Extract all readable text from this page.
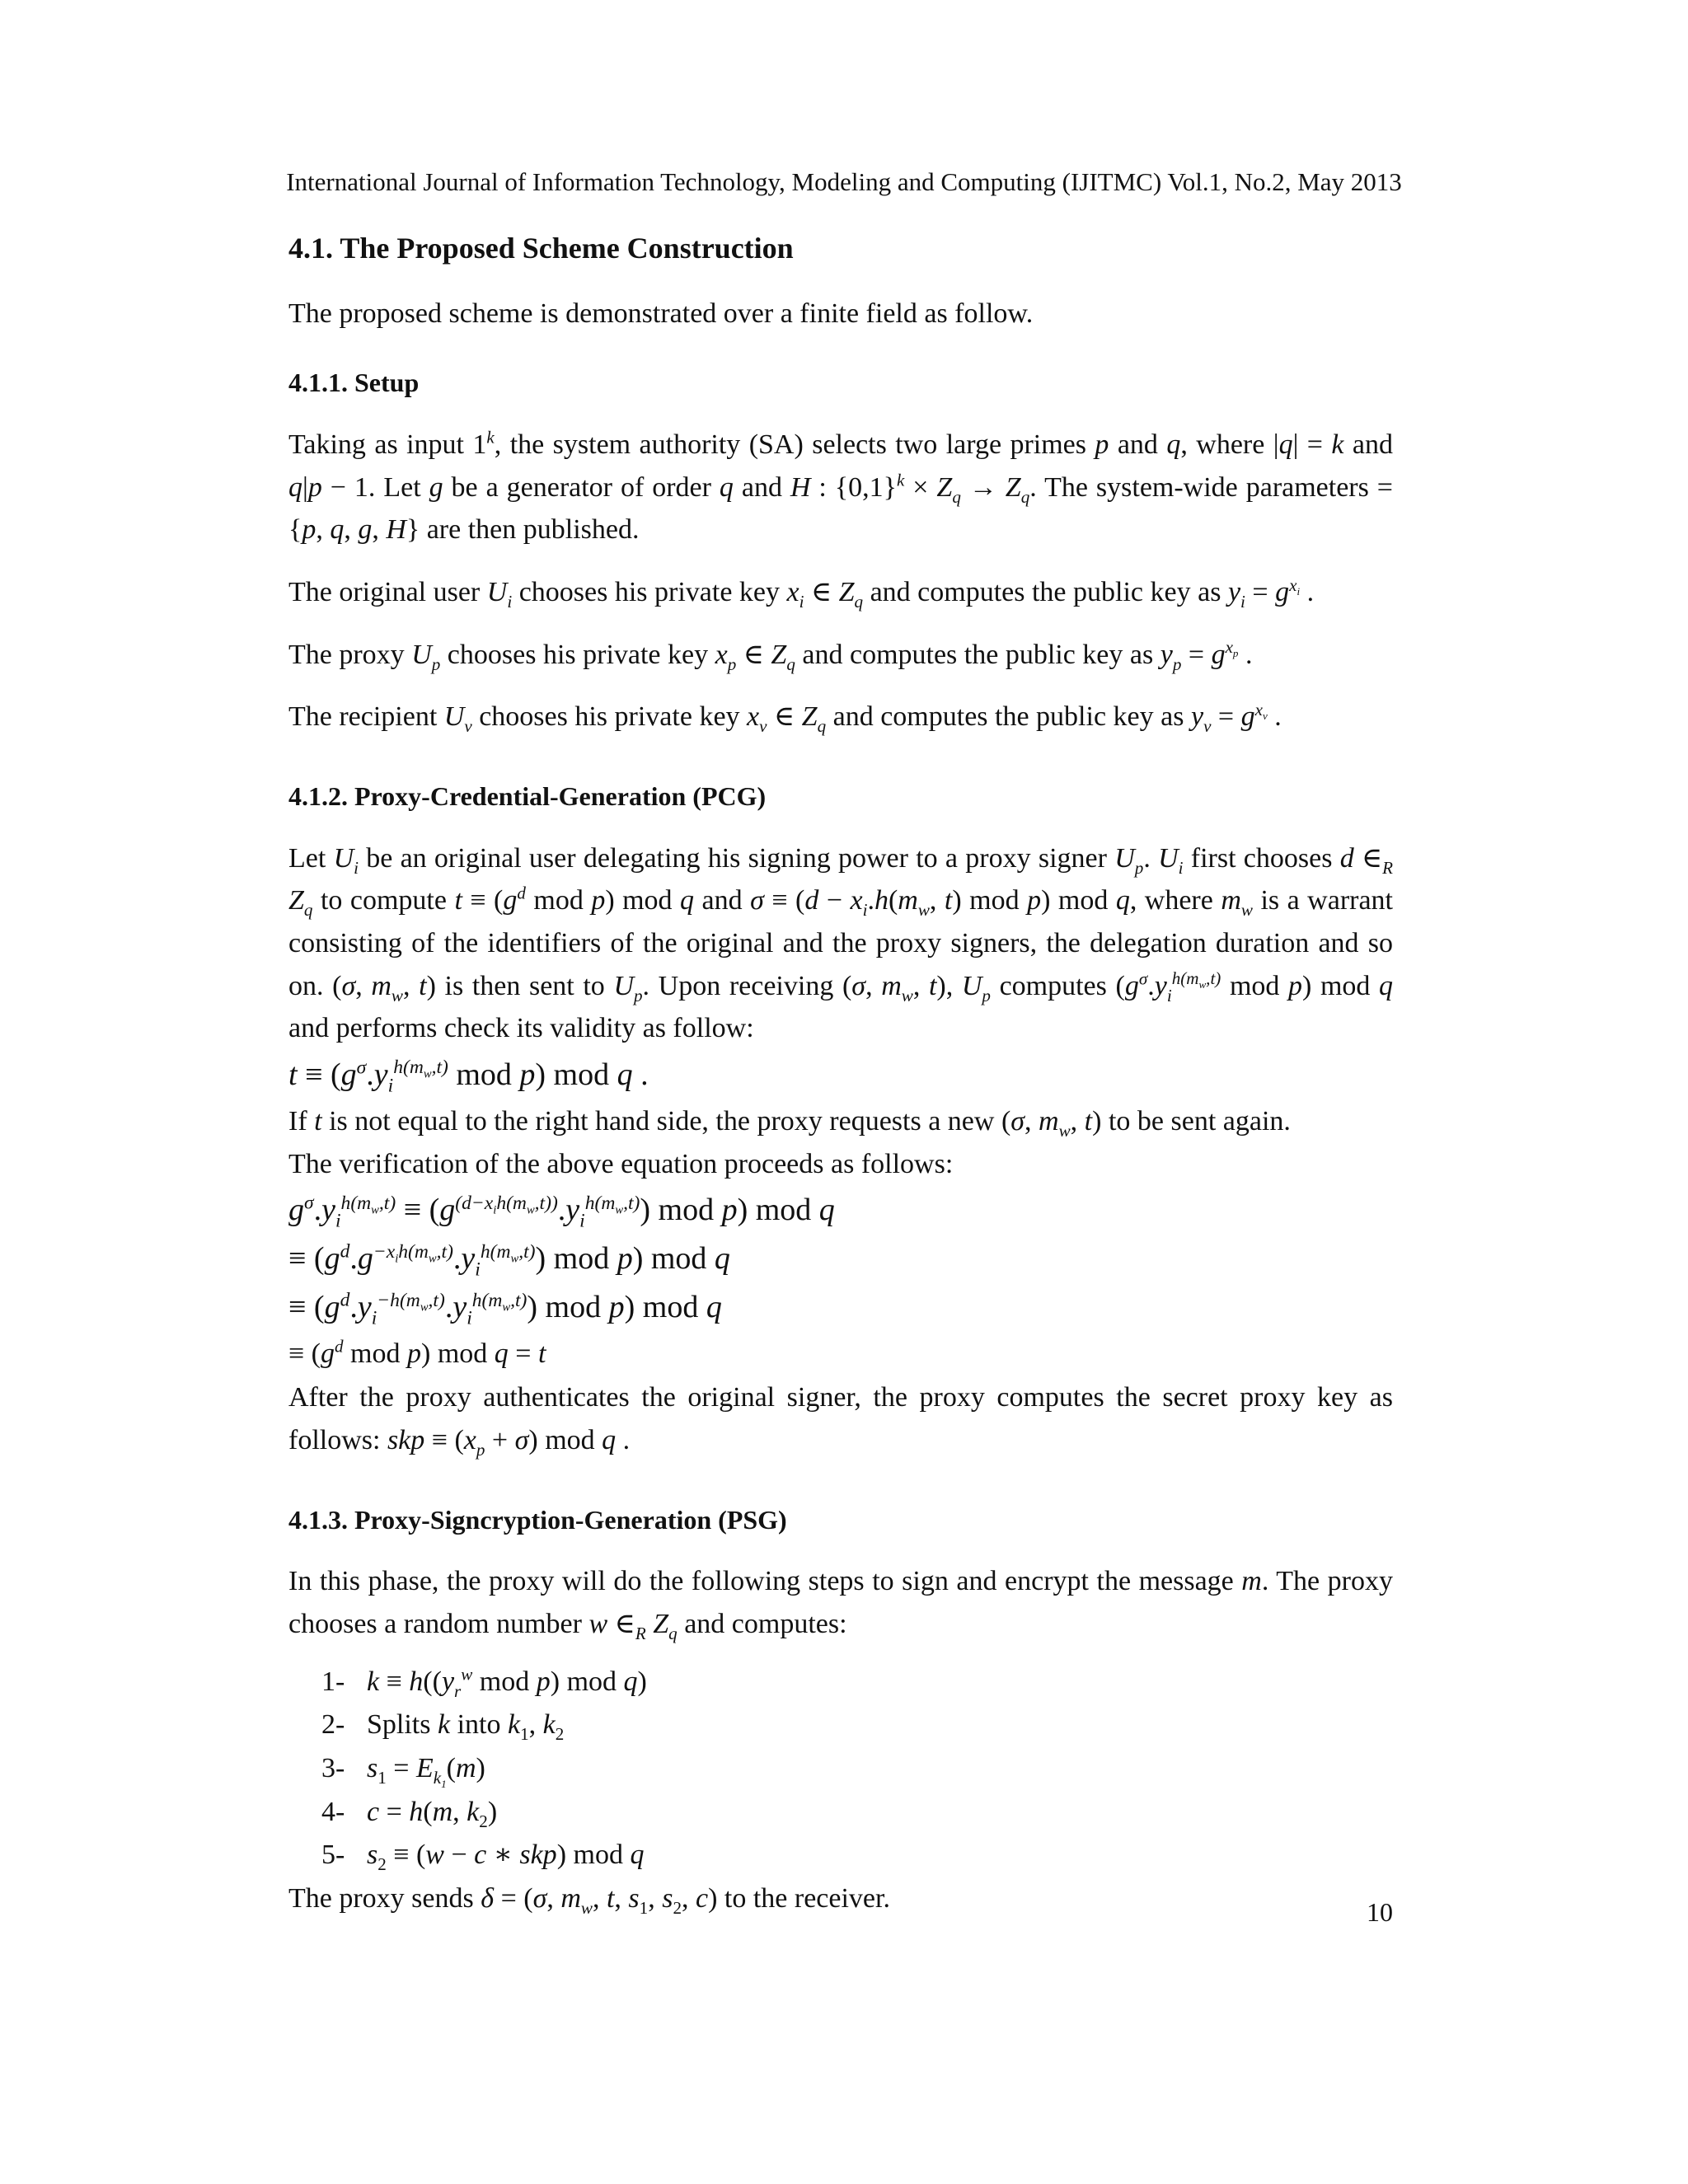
International Journal of Information Technology, Modeling and Computing (IJITMC) Vol.1, No.2, May 2013
4.1. The Proposed Scheme Construction

The proposed scheme is demonstrated over a finite field as follow.

4.1.1. Setup

Taking as input 1$^k$, the system authority (SA) selects two large primes p and q, where |q| = k and q|p − 1. Let g be a generator of order q and H : $\{0,1\}^k \times Z_q \to Z_q$. The system-wide parameters = {p, q, g, H} are then published.

The original user $U_i$ chooses his private key $x_i$ ∈ $Z_q$ and computes the public key as $y_i = g^{x_i}$ .

The proxy $U_p$ chooses his private key $x_p$ ∈ $Z_q$ and computes the public key as $y_p = g^{x_p}$ .

The recipient $U_v$ chooses his private key $x_v$ ∈ $Z_q$ and computes the public key as $y_v = g^{x_v}$ .

4.1.2. Proxy-Credential-Generation (PCG)

Let $U_i$ be an original user delegating his signing power to a proxy signer $U_p$. $U_i$ first chooses d $\in_R$ $Z_q$ to compute $t \equiv (g^d$ mod p) mod q and $\sigma \equiv (d - x_i.h(m_w$, t) mod p) mod q, where $m_w$ is a warrant consisting of the identifiers of the original and the proxy signers, the delegation duration and so on. (σ, $m_w$, t) is then sent to $U_p$. Upon receiving (σ, $m_w$, t), $U_p$ computes ($g^\sigma.y_i^{h(m_w,t)}$ mod p) mod q and performs check its validity as follow:

$t \equiv (g^\sigma.y_i^{h(m_w,t)}$ mod p) mod q .

If t is not equal to the right hand side, the proxy requests a new (σ, $m_w$, t) to be sent again.

The verification of the above equation proceeds as follows:

$g^\sigma.y_i^{h(m_w,t)} \equiv (g^{(d-x_ih(m_w,t))}.y_i^{h(m_w,t)})$ mod p) mod q
≡ $(g^d.g^{-x_ih(m_w,t)}.y_i^{h(m_w,t)})$ mod p) mod q
≡ $(g^d.y_i^{-h(m_w,t)}.y_i^{h(m_w,t)})$ mod p) mod q
≡ ($g^d$ mod p) mod q = t

After the proxy authenticates the original signer, the proxy computes the secret proxy key as follows: skp ≡ $(x_p + \sigma)$ mod q .

4.1.3. Proxy-Signcryption-Generation (PSG)

In this phase, the proxy will do the following steps to sign and encrypt the message m. The proxy chooses a random number w $\in_R$ $Z_q$ and computes:

1- $k \equiv h((y_r^w$ mod p) mod q)
2- Splits k into $k_1$, $k_2$
3- $s_1 = E_{k_1}(m)$
4- c = h(m, $k_2$)
5- $s_2 \equiv (w - c$ ∗ skp) mod q

The proxy sends δ = (σ, $m_w$, t, $s_1$, $s_2$, c) to the receiver.	10
